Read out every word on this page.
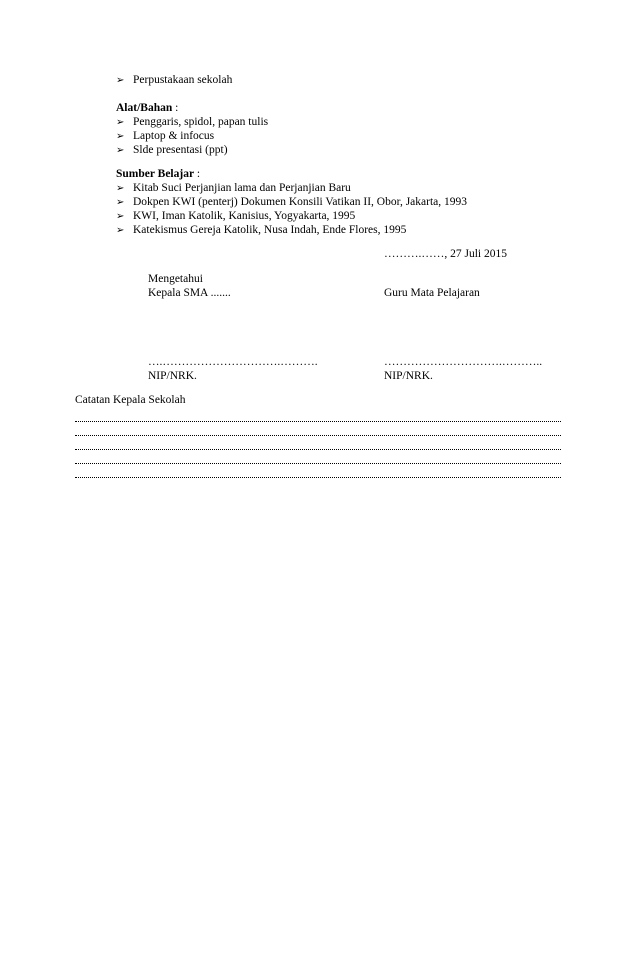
➢ Perpustakaan sekolah
Alat/Bahan :
➢ Penggaris, spidol, papan tulis
➢ Laptop & infocus
➢ Slde presentasi (ppt)
Sumber Belajar :
➢ Kitab Suci Perjanjian lama dan Perjanjian Baru
➢ Dokpen KWI (penterj) Dokumen Konsili Vatikan II, Obor, Jakarta, 1993
➢ KWI, Iman Katolik, Kanisius, Yogyakarta, 1995
➢ Katekismus Gereja Katolik, Nusa Indah, Ende Flores, 1995
……….……, 27 Juli 2015
Mengetahui
Kepala SMA .......	Guru Mata Pelajaran
….………………………….……….	………………………….………..
NIP/NRK.	NIP/NRK.
Catatan Kepala Sekolah
